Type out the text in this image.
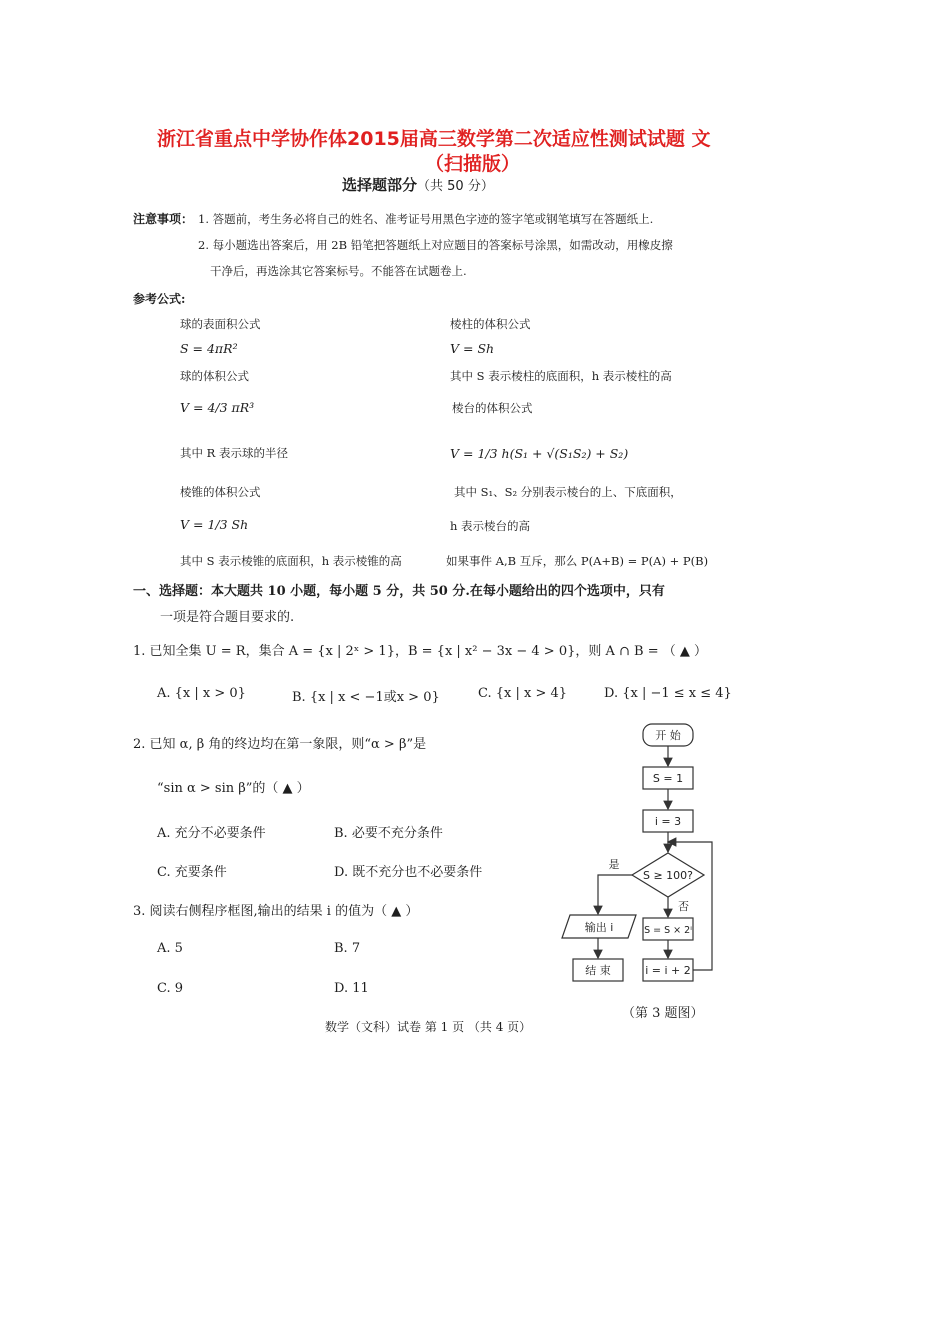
浙江省重点中学协作体2015届高三数学第二次适应性测试试题 文
（扫描版）
选择题部分（共 50 分）
注意事项： 1. 答题前，考生务必将自己的姓名、准考证号用黑色字迹的签字笔或钢笔填写在答题纸上.
2. 每小题选出答案后，用 2B 铅笔把答题纸上对应题目的答案标号涂黑，如需改动，用橡皮擦
干净后，再选涂其它答案标号。不能答在试题卷上.
参考公式:
球的表面积公式
S = 4πR²
球的体积公式
V = 4/3 πR³
其中 R 表示球的半径
棱锥的体积公式
V = 1/3 Sh
其中 S 表示棱锥的底面积，h 表示棱锥的高
棱柱的体积公式
V = Sh
其中 S 表示棱柱的底面积，h 表示棱柱的高
棱台的体积公式
V = 1/3 h(S₁ + √(S₁S₂) + S₂)
其中 S₁、S₂ 分别表示棱台的上、下底面积，
h 表示棱台的高
如果事件 A,B 互斥，那么 P(A+B) = P(A) + P(B)
一、选择题：本大题共 10 小题，每小题 5 分，共 50 分.在每小题给出的四个选项中，只有
一项是符合题目要求的.
1. 已知全集 U = R，集合 A = {x | 2ˣ > 1}，B = {x | x² − 3x − 4 > 0}，则 A ∩ B = （ ▲ ）
A. {x | x > 0}	B. {x | x < −1或x > 0}	C. {x | x > 4}	D. {x | −1 ≤ x ≤ 4}
2. 已知 α, β 角的终边均在第一象限，则“α > β”是
“sin α > sin β”的（ ▲ ）
A. 充分不必要条件	B. 必要不充分条件
C. 充要条件	D. 既不充分也不必要条件
3. 阅读右侧程序框图,输出的结果 i 的值为（ ▲ ）
A. 5	B. 7
C. 9	D. 11
开 始
S = 1
i = 3
S ≥ 100?
是
否
S = S × 2ⁱ
i = i + 2
输出 i
结 束
（第 3 题图）
数学（文科）试卷 第 1 页 （共 4 页）
